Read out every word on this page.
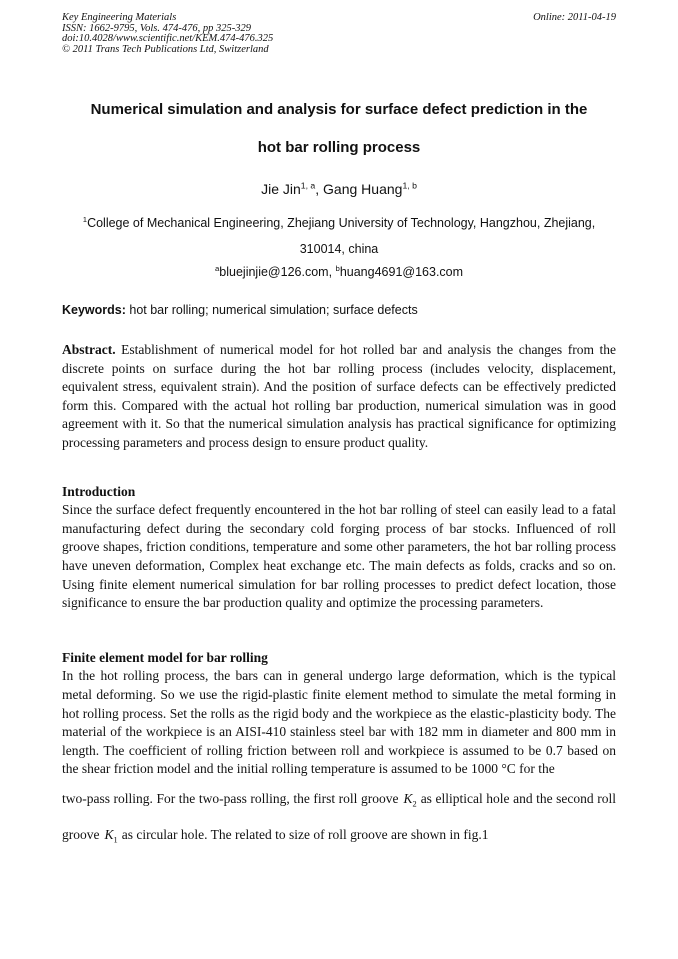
Key Engineering Materials
ISSN: 1662-9795, Vols. 474-476, pp 325-329
doi:10.4028/www.scientific.net/KEM.474-476.325
© 2011 Trans Tech Publications Ltd, Switzerland
Online: 2011-04-19
Numerical simulation and analysis for surface defect prediction in the
hot bar rolling process
Jie Jin$^{1, a}$, Gang Huang$^{1, b}$
$^1$College of Mechanical Engineering, Zhejiang University of Technology, Hangzhou, Zhejiang,
310014, china
$^a$bluejinjie@126.com, $^b$huang4691@163.com
Keywords: hot bar rolling; numerical simulation; surface defects

Abstract. Establishment of numerical model for hot rolled bar and analysis the changes from the discrete points on surface during the hot bar rolling process (includes velocity, displacement, equivalent stress, equivalent strain). And the position of surface defects can be effectively predicted form this. Compared with the actual hot rolling bar production, numerical simulation was in good agreement with it. So that the numerical simulation analysis has practical significance for optimizing processing parameters and process design to ensure product quality.

Introduction

Since the surface defect frequently encountered in the hot bar rolling of steel can easily lead to a fatal manufacturing defect during the secondary cold forging process of bar stocks. Influenced of roll groove shapes, friction conditions, temperature and some other parameters, the hot bar rolling process have uneven deformation, Complex heat exchange etc. The main defects as folds, cracks and so on. Using finite element numerical simulation for bar rolling processes to predict defect location, those significance to ensure the bar production quality and optimize the processing parameters.

Finite element model for bar rolling

In the hot rolling process, the bars can in general undergo large deformation, which is the typical metal deforming. So we use the rigid-plastic finite element method to simulate the metal forming in hot rolling process. Set the rolls as the rigid body and the workpiece as the elastic-plasticity body. The material of the workpiece is an AISI-410 stainless steel bar with 182 mm in diameter and 800 mm in length. The coefficient of rolling friction between roll and workpiece is assumed to be 0.7 based on the shear friction model and the initial rolling temperature is assumed to be 1000 °C for the

two-pass rolling. For the two-pass rolling, the first roll groove $K_2$ as elliptical hole and the second roll groove $K_1$ as circular hole. The related to size of roll groove are shown in fig.1
